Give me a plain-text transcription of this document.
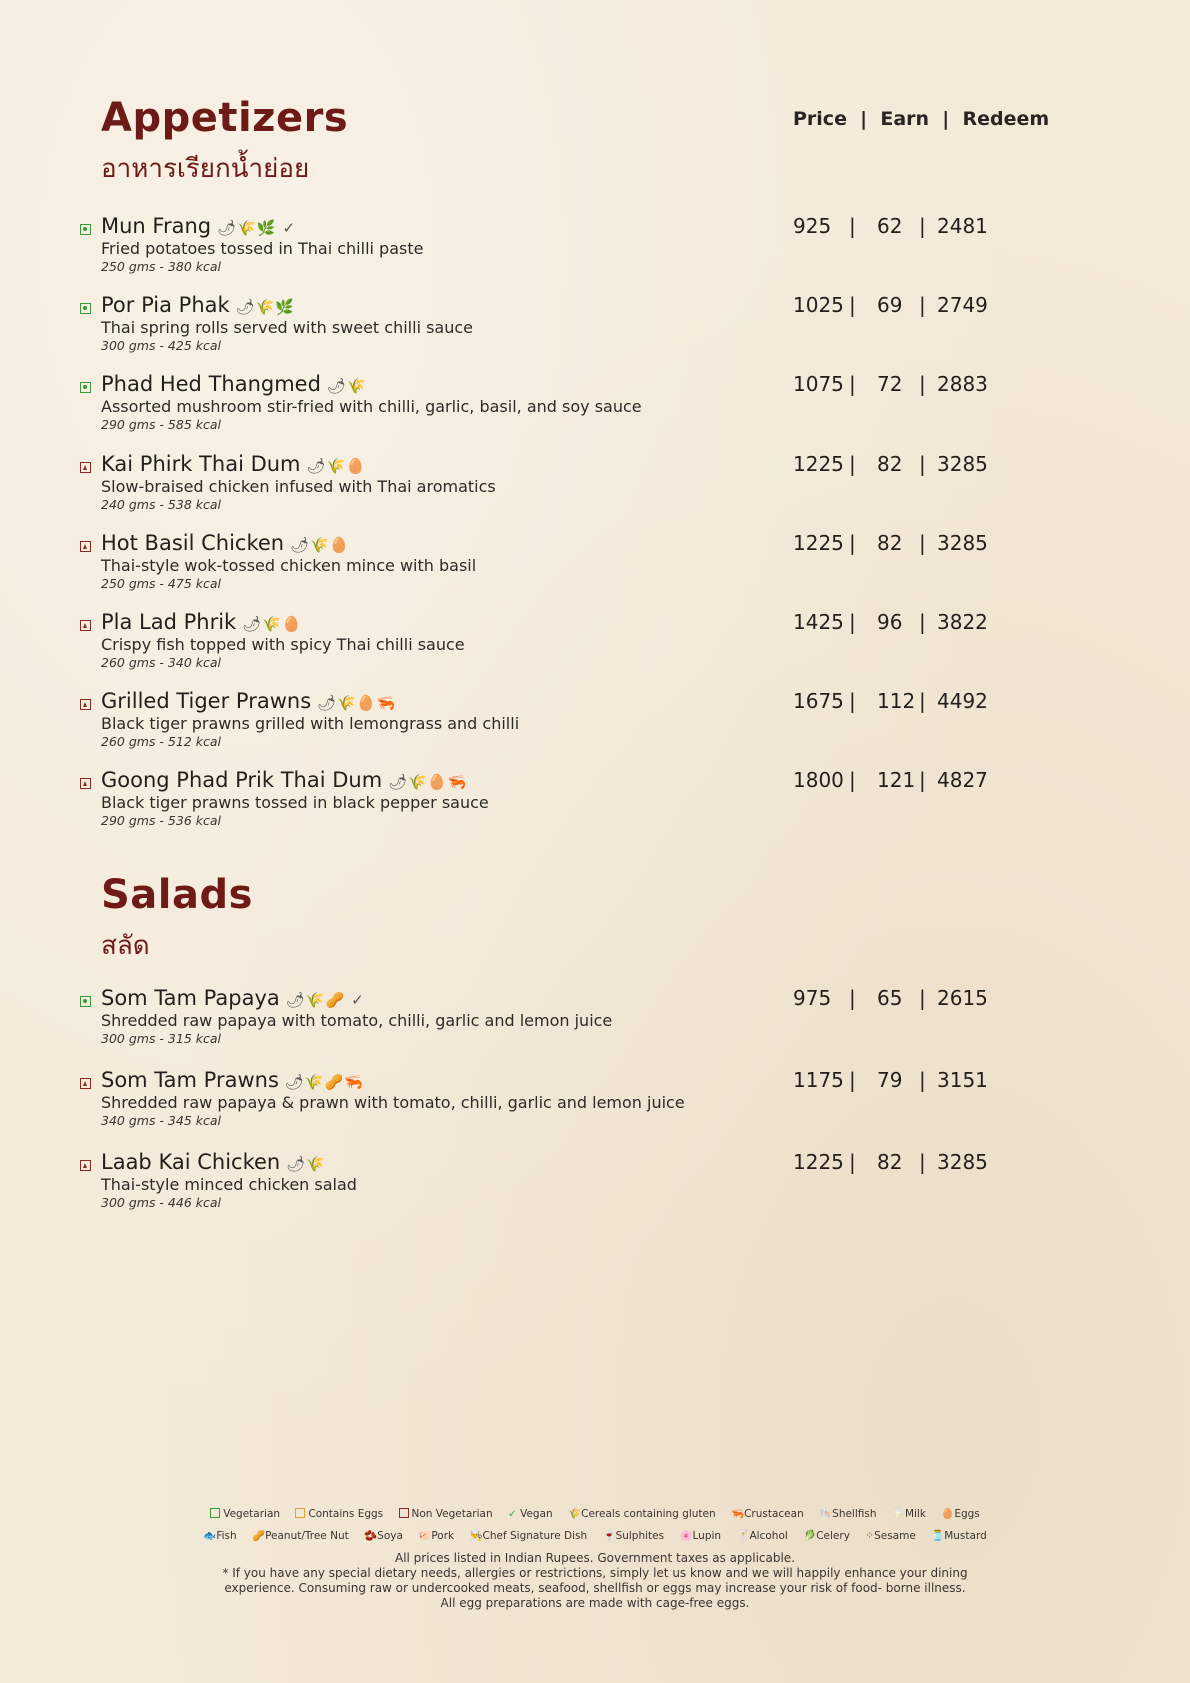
Appetizers
อาหารเรียกน้ำย่อย
Price  |  Earn  |  Redeem
Mun Frang 🌶🌾🌿 ✓
Fried potatoes tossed in Thai chilli paste
250 gms - 380 kcal
925 | 62 | 2481
Por Pia Phak 🌶🌾🌿
Thai spring rolls served with sweet chilli sauce
300 gms - 425 kcal
1025 | 69 | 2749
Phad Hed Thangmed 🌶🌾
Assorted mushroom stir-fried with chilli, garlic, basil, and soy sauce
290 gms - 585 kcal
1075 | 72 | 2883
Kai Phirk Thai Dum 🌶🌾🥚
Slow-braised chicken infused with Thai aromatics
240 gms - 538 kcal
1225 | 82 | 3285
Hot Basil Chicken 🌶🌾🥚
Thai-style wok-tossed chicken mince with basil
250 gms - 475 kcal
1225 | 82 | 3285
Pla Lad Phrik 🌶🌾🥚
Crispy fish topped with spicy Thai chilli sauce
260 gms - 340 kcal
1425 | 96 | 3822
Grilled Tiger Prawns 🌶🌾🥚🦐
Black tiger prawns grilled with lemongrass and chilli
260 gms - 512 kcal
1675 | 112 | 4492
Goong Phad Prik Thai Dum 🌶🌾🥚🦐
Black tiger prawns tossed in black pepper sauce
290 gms - 536 kcal
1800 | 121 | 4827
Salads
สลัด
Som Tam Papaya 🌶🌾🥜 ✓
Shredded raw papaya with tomato, chilli, garlic and lemon juice
300 gms - 315 kcal
975 | 65 | 2615
Som Tam Prawns 🌶🌾🥜🦐
Shredded raw papaya & prawn with tomato, chilli, garlic and lemon juice
340 gms - 345 kcal
1175 | 79 | 3151
Laab Kai Chicken 🌶🌾
Thai-style minced chicken salad
300 gms - 446 kcal
1225 | 82 | 3285
Vegetarian	Contains Eggs	Non Vegetarian ✓ Vegan 🌾Cereals containing gluten 🦐Crustacean 🐚Shellfish 🥛Milk 🥚Eggs
🐟Fish 🥜Peanut/Tree Nut 🫘Soya 🐖Pork 👨‍🍳Chef Signature Dish 🍷Sulphites 🌸Lupin 🍸Alcohol 🥬Celery ⁘Sesame 🫙Mustard
All prices listed in Indian Rupees. Government taxes as applicable.
* If you have any special dietary needs, allergies or restrictions, simply let us know and we will happily enhance your dining
experience. Consuming raw or undercooked meats, seafood, shellfish or eggs may increase your risk of food- borne illness.
All egg preparations are made with cage-free eggs.
